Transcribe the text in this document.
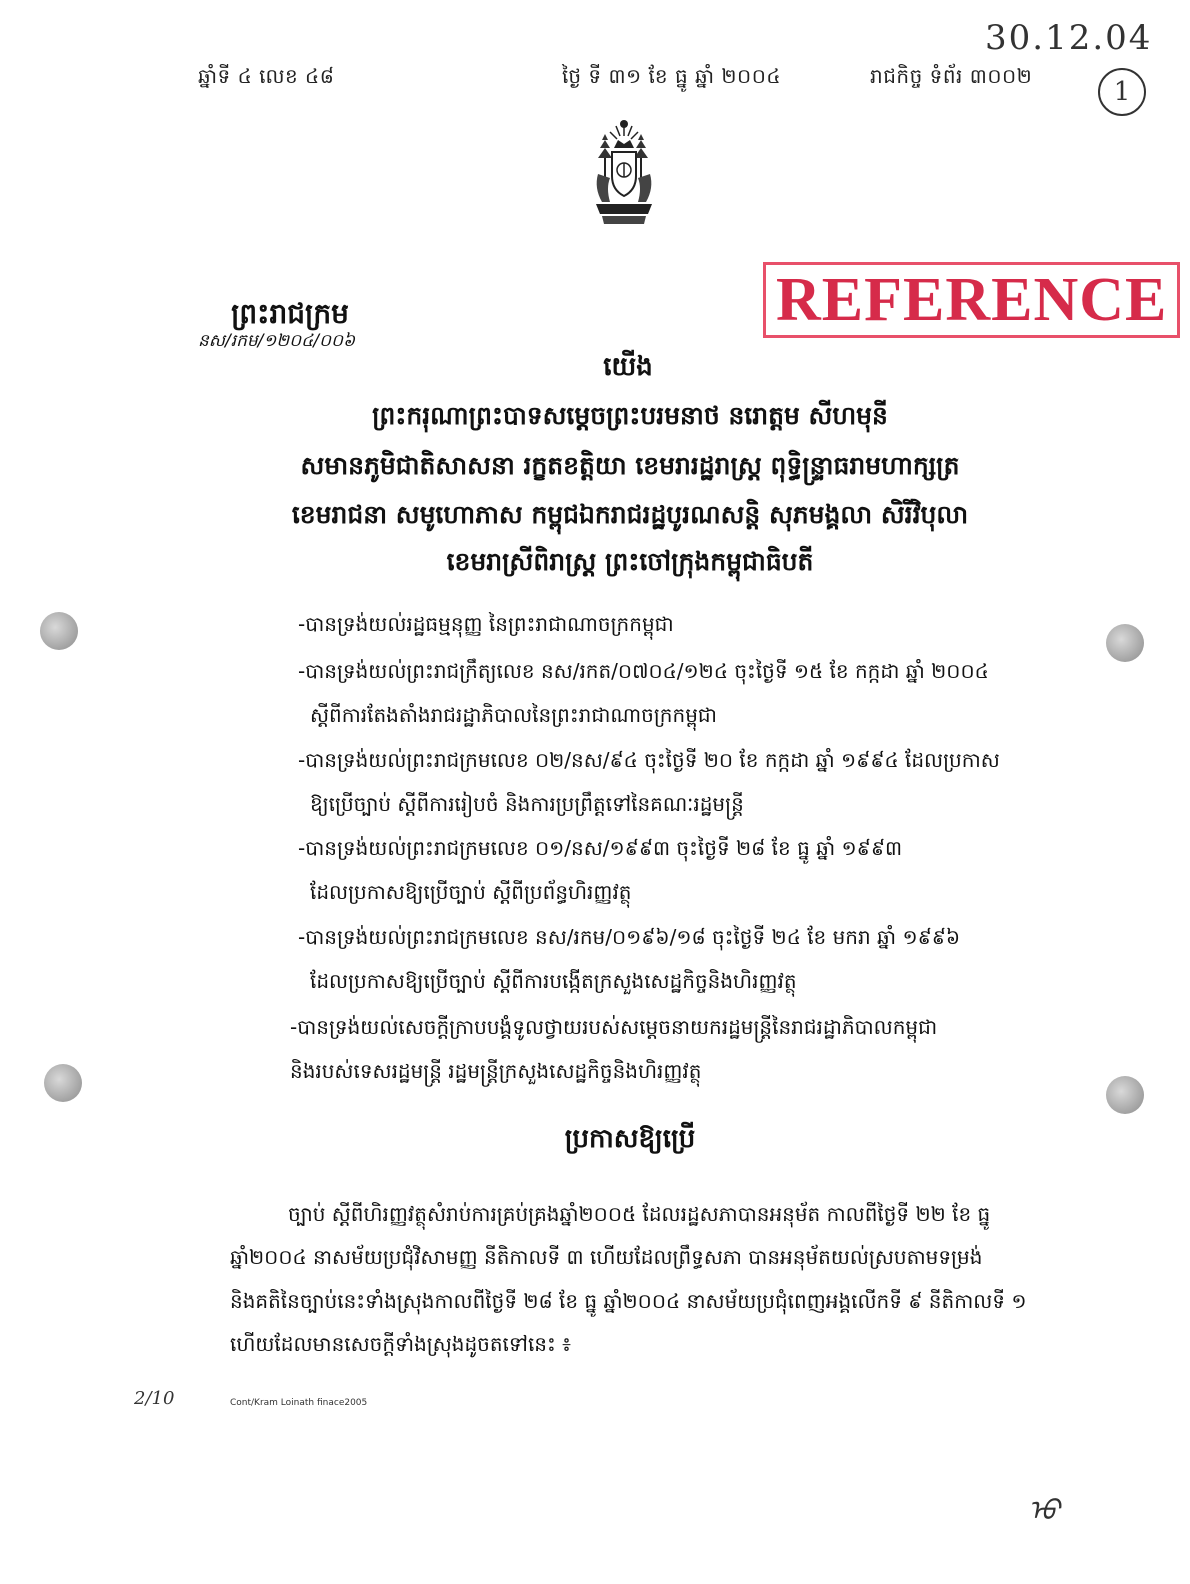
ឆ្នាំទី ៤ លេខ ៤៨	ថ្ងៃ ទី ៣១ ខែ ធ្នូ ឆ្នាំ ២០០៤	រាជកិច្ច ទំព័រ ៣០០២
30.12.04
1
REFERENCE
ព្រះរាជក្រម
នស/រកម/១២០៤/០០៦
យើង
ព្រះករុណាព្រះបាទសម្តេចព្រះបរមនាថ នរោត្តម សីហមុនី
សមានភូមិជាតិសាសនា រក្ខតខត្តិយា ខេមរារដ្ឋរាស្ត្រ ពុទ្ធិន្ទ្រាធរាមហាក្សត្រ
ខេមរាជនា សមូហោភាស កម្ពុជឯករាជរដ្ឋបូរណសន្តិ សុភមង្គលា សិរីវិបុលា
ខេមរាស្រីពិរាស្ត្រ ព្រះចៅក្រុងកម្ពុជាធិបតី
-បានទ្រង់យល់រដ្ឋធម្មនុញ្ញ នៃព្រះរាជាណាចក្រកម្ពុជា
-បានទ្រង់យល់ព្រះរាជក្រឹត្យលេខ នស/រកត/០៧០៤/១២៤ ចុះថ្ងៃទី ១៥ ខែ កក្កដា ឆ្នាំ ២០០៤
ស្តីពីការតែងតាំងរាជរដ្ឋាភិបាលនៃព្រះរាជាណាចក្រកម្ពុជា
-បានទ្រង់យល់ព្រះរាជក្រមលេខ ០២/នស/៩៤ ចុះថ្ងៃទី ២០ ខែ កក្កដា ឆ្នាំ ១៩៩៤ ដែលប្រកាស
ឱ្យប្រើច្បាប់ ស្តីពីការរៀបចំ និងការប្រព្រឹត្តទៅនៃគណៈរដ្ឋមន្ត្រី
-បានទ្រង់យល់ព្រះរាជក្រមលេខ ០១/នស/១៩៩៣ ចុះថ្ងៃទី ២៨ ខែ ធ្នូ ឆ្នាំ ១៩៩៣
ដែលប្រកាសឱ្យប្រើច្បាប់ ស្តីពីប្រព័ន្ធហិរញ្ញវត្ថុ
-បានទ្រង់យល់ព្រះរាជក្រមលេខ នស/រកម/០១៩៦/១៨ ចុះថ្ងៃទី ២៤ ខែ មករា ឆ្នាំ ១៩៩៦
ដែលប្រកាសឱ្យប្រើច្បាប់ ស្តីពីការបង្កើតក្រសួងសេដ្ឋកិច្ចនិងហិរញ្ញវត្ថុ
-បានទ្រង់យល់សេចក្តីក្រាបបង្គំទូលថ្វាយរបស់សម្តេចនាយករដ្ឋមន្ត្រីនៃរាជរដ្ឋាភិបាលកម្ពុជា
និងរបស់ទេសរដ្ឋមន្ត្រី រដ្ឋមន្ត្រីក្រសួងសេដ្ឋកិច្ចនិងហិរញ្ញវត្ថុ
ប្រកាសឱ្យប្រើ
ច្បាប់ ស្តីពីហិរញ្ញវត្ថុសំរាប់ការគ្រប់គ្រងឆ្នាំ២០០៥ ដែលរដ្ឋសភាបានអនុម័ត កាលពីថ្ងៃទី ២២ ខែ ធ្នូ
ឆ្នាំ២០០៤ នាសម័យប្រជុំវិសាមញ្ញ នីតិកាលទី ៣ ហើយដែលព្រឹទ្ធសភា បានអនុម័តយល់ស្របតាមទម្រង់
និងគតិនៃច្បាប់នេះទាំងស្រុងកាលពីថ្ងៃទី ២៨ ខែ ធ្នូ ឆ្នាំ២០០៤ នាសម័យប្រជុំពេញអង្គលើកទី ៩ នីតិកាលទី ១
ហើយដែលមានសេចក្តីទាំងស្រុងដូចតទៅនេះ ៖
2/10	Cont/Kram Loinath finace2005
ᡉ
